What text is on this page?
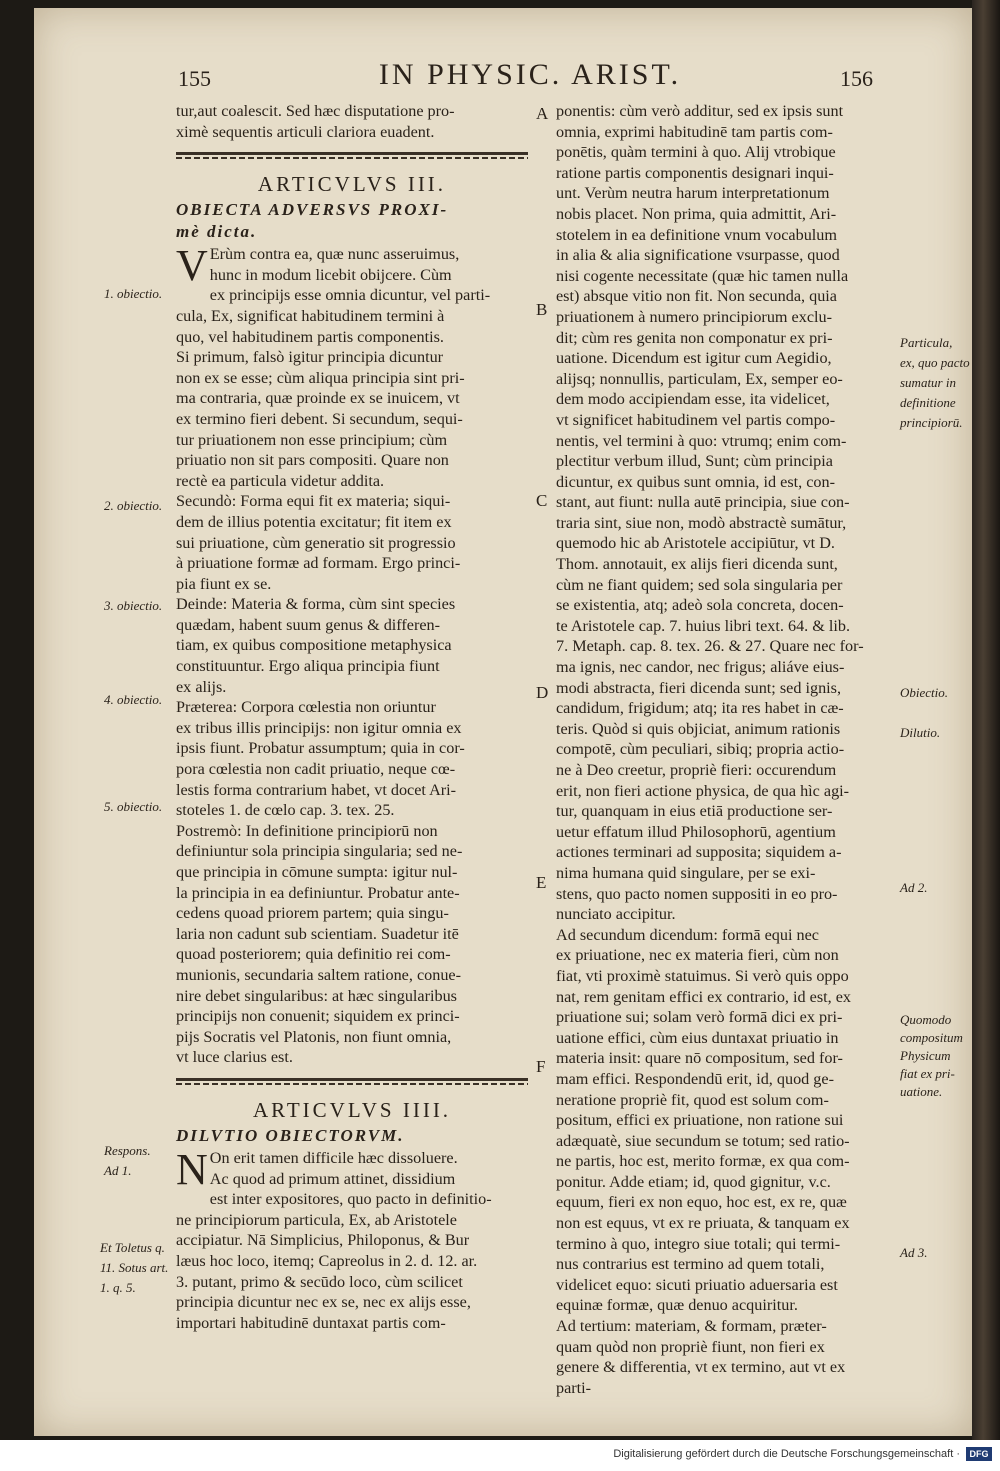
155	IN PHYSIC. ARIST.	156
tur,aut coalescit. Sed hæc disputatione pro-
ximè sequentis articuli clariora euadent.
ARTICVLVS III.
OBIECTA ADVERSVS PROXI-
mè dicta.
V Erùm contra ea, quæ nunc asseruimus,
hunc in modum licebit obijcere. Cùm
ex principijs esse omnia dicuntur, vel parti-
cula, Ex, significat habitudinem termini à
quo, vel habitudinem partis componentis.
Si primum, falsò igitur principia dicuntur
non ex se esse; cùm aliqua principia sint pri-
ma contraria, quæ proinde ex se inuicem, vt
ex termino fieri debent. Si secundum, sequi-
tur priuationem non esse principium; cùm
priuatio non sit pars compositi. Quare non
rectè ea particula videtur addita.
Secundò: Forma equi fit ex materia; siqui-
dem de illius potentia excitatur; fit item ex
sui priuatione, cùm generatio sit progressio
à priuatione formæ ad formam. Ergo princi-
pia fiunt ex se.
Deinde: Materia & forma, cùm sint species
quædam, habent suum genus & differen-
tiam, ex quibus compositione metaphysica
constituuntur. Ergo aliqua principia fiunt
ex alijs.
Præterea: Corpora cœlestia non oriuntur
ex tribus illis principijs: non igitur omnia ex
ipsis fiunt. Probatur assumptum; quia in cor-
pora cœlestia non cadit priuatio, neque cœ-
lestis forma contrarium habet, vt docet Ari-
stoteles 1. de cœlo cap. 3. tex. 25.
Postremò: In definitione principiorū non
definiuntur sola principia singularia; sed ne-
que principia in cōmune sumpta: igitur nul-
la principia in ea definiuntur. Probatur ante-
cedens quoad priorem partem; quia singu-
laria non cadunt sub scientiam. Suadetur itē
quoad posteriorem; quia definitio rei com-
munionis, secundaria saltem ratione, conue-
nire debet singularibus: at hæc singularibus
principijs non conuenit; siquidem ex princi-
pijs Socratis vel Platonis, non fiunt omnia,
vt luce clarius est.
ARTICVLVS IIII.
DILVTIO OBIECTORVM.
N On erit tamen difficile hæc dissoluere.
Ac quod ad primum attinet, dissidium
est inter expositores, quo pacto in definitio-
ne principiorum particula, Ex, ab Aristotele
accipiatur. Nā Simplicius, Philoponus, & Bur
læus hoc loco, itemq; Capreolus in 2. d. 12. ar.
3. putant, primo & secūdo loco, cùm scilicet
principia dicuntur nec ex se, nec ex alijs esse,
importari habitudinē duntaxat partis com-
ponentis: cùm verò additur, sed ex ipsis sunt
omnia, exprimi habitudinē tam partis com-
ponētis, quàm termini à quo. Alij vtrobique
ratione partis componentis designari inqui-
unt. Verùm neutra harum interpretationum
nobis placet. Non prima, quia admittit, Ari-
stotelem in ea definitione vnum vocabulum
in alia & alia significatione vsurpasse, quod
nisi cogente necessitate (quæ hic tamen nulla
est) absque vitio non fit. Non secunda, quia
priuationem à numero principiorum exclu-
dit; cùm res genita non componatur ex pri-
uatione. Dicendum est igitur cum Aegidio,
alijsq; nonnullis, particulam, Ex, semper eo-
dem modo accipiendam esse, ita videlicet,
vt significet habitudinem vel partis compo-
nentis, vel termini à quo: vtrumq; enim com-
plectitur verbum illud, Sunt; cùm principia
dicuntur, ex quibus sunt omnia, id est, con-
stant, aut fiunt: nulla autē principia, siue con-
traria sint, siue non, modò abstractè sumātur,
quemodo hic ab Aristotele accipiūtur, vt D.
Thom. annotauit, ex alijs fieri dicenda sunt,
cùm ne fiant quidem; sed sola singularia per
se existentia, atq; adeò sola concreta, docen-
te Aristotele cap. 7. huius libri text. 64. & lib.
7. Metaph. cap. 8. tex. 26. & 27. Quare nec for-
ma ignis, nec candor, nec frigus; aliáve eius-
modi abstracta, fieri dicenda sunt; sed ignis,
candidum, frigidum; atq; ita res habet in cæ-
teris. Quòd si quis objiciat, animum rationis
compotē, cùm peculiari, sibiq; propria actio-
ne à Deo creetur, propriè fieri: occurendum
erit, non fieri actione physica, de qua hìc agi-
tur, quanquam in eius etiā productione ser-
uetur effatum illud Philosophorū, agentium
actiones terminari ad supposita; siquidem a-
nima humana quid singulare, per se exi-
stens, quo pacto nomen suppositi in eo pro-
nunciato accipitur.
Ad secundum dicendum: formā equi nec
ex priuatione, nec ex materia fieri, cùm non
fiat, vti proximè statuimus. Si verò quis oppo
nat, rem genitam effici ex contrario, id est, ex
priuatione sui; solam verò formā dici ex pri-
uatione effici, cùm eius duntaxat priuatio in
materia insit: quare nō compositum, sed for-
mam effici. Respondendū erit, id, quod ge-
neratione propriè fit, quod est solum com-
positum, effici ex priuatione, non ratione sui
adæquatè, siue secundum se totum; sed ratio-
ne partis, hoc est, merito formæ, ex qua com-
ponitur. Adde etiam; id, quod gignitur, v.c.
equum, fieri ex non equo, hoc est, ex re, quæ
non est equus, vt ex re priuata, & tanquam ex
termino à quo, integro siue totali; qui termi-
nus contrarius est termino ad quem totali,
videlicet equo: sicuti priuatio aduersaria est
equinæ formæ, quæ denuo acquiritur.
Ad tertium: materiam, & formam, præter-
quam quòd non propriè fiunt, non fieri ex
genere & differentia, vt ex termino, aut vt ex
parti-
A
B
C
D
E
F
1. obiectio.
2. obiectio.
3. obiectio.
4. obiectio.
5. obiectio.
Respons.
Ad 1.
Et Toletus q.
11. Sotus art.
1. q. 5.
Particula,
ex, quo pacto
sumatur in
definitione
principiorū.
Obiectio.
Dilutio.
Ad 2.
Quomodo
compositum
Physicum
fiat ex pri-
uatione.
Ad 3.
Digitalisierung gefördert durch die Deutsche Forschungsgemeinschaft ·	DFG
